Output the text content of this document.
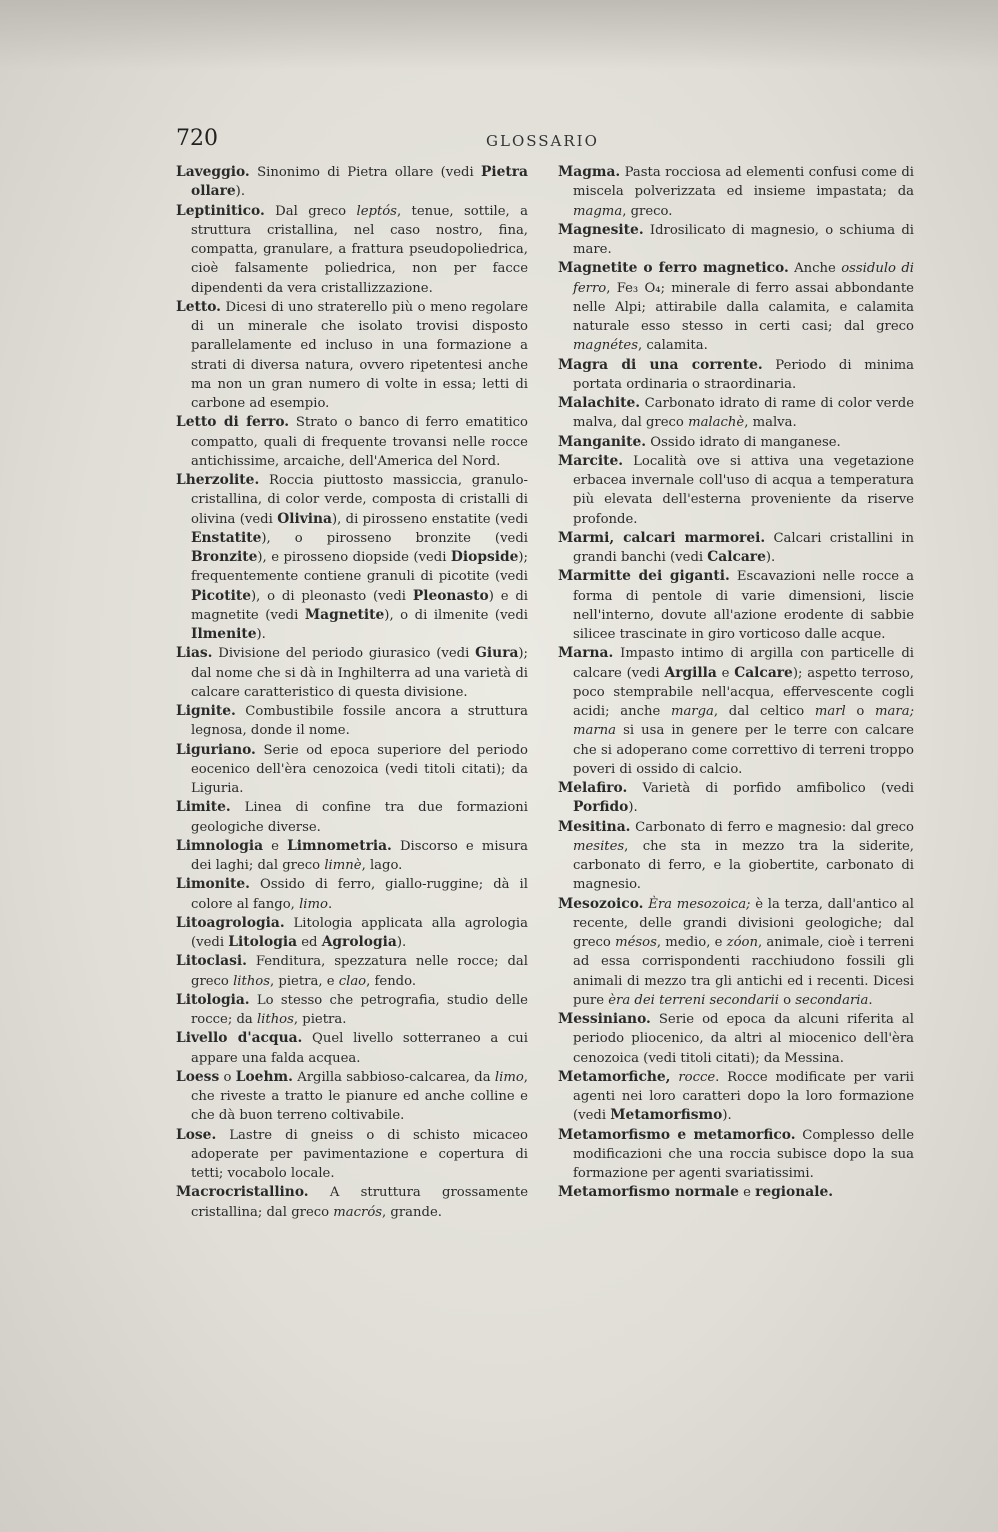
720	GLOSSARIO

Laveggio. Sinonimo di Pietra ollare (vedi Pietra ollare).

Leptinitico. Dal greco leptós, tenue, sottile, a struttura cristallina, nel caso nostro, fina, compatta, granulare, a frattura pseudopoliedrica, cioè falsamente poliedrica, non per facce dipendenti da vera cristallizzazione.

Letto. Dicesi di uno straterello più o meno regolare di un minerale che isolato trovisi disposto parallelamente ed incluso in una formazione a strati di diversa natura, ovvero ripetentesi anche ma non un gran numero di volte in essa; letti di carbone ad esempio.

Letto di ferro. Strato o banco di ferro ematitico compatto, quali di frequente trovansi nelle rocce antichissime, arcaiche, dell'America del Nord.

Lherzolite. Roccia piuttosto massiccia, granulo-cristallina, di color verde, composta di cristalli di olivina (vedi Olivina), di pirosseno enstatite (vedi Enstatite), o pirosseno bronzite (vedi Bronzite), e pirosseno diopside (vedi Diopside); frequentemente contiene granuli di picotite (vedi Picotite), o di pleonasto (vedi Pleonasto) e di magnetite (vedi Magnetite), o di ilmenite (vedi Ilmenite).

Lias. Divisione del periodo giurasico (vedi Giura); dal nome che si dà in Inghilterra ad una varietà di calcare caratteristico di questa divisione.

Lignite. Combustibile fossile ancora a struttura legnosa, donde il nome.

Liguriano. Serie od epoca superiore del periodo eocenico dell'èra cenozoica (vedi titoli citati); da Liguria.

Limite. Linea di confine tra due formazioni geologiche diverse.

Limnologia e Limnometria. Discorso e misura dei laghi; dal greco limnè, lago.

Limonite. Ossido di ferro, giallo-ruggine; dà il colore al fango, limo.

Litoagrologia. Litologia applicata alla agrologia (vedi Litologia ed Agrologia).

Litoclasi. Fenditura, spezzatura nelle rocce; dal greco lithos, pietra, e clao, fendo.

Litologia. Lo stesso che petrografia, studio delle rocce; da lithos, pietra.

Livello d'acqua. Quel livello sotterraneo a cui appare una falda acquea.

Loess o Loehm. Argilla sabbioso-calcarea, da limo, che riveste a tratto le pianure ed anche colline e che dà buon terreno coltivabile.

Lose. Lastre di gneiss o di schisto micaceo adoperate per pavimentazione e copertura di tetti; vocabolo locale.

Macrocristallino. A struttura grossamente cristallina; dal greco macrós, grande.

Magma. Pasta rocciosa ad elementi confusi come di miscela polverizzata ed insieme impastata; da magma, greco.

Magnesite. Idrosilicato di magnesio, o schiuma di mare.

Magnetite o ferro magnetico. Anche ossidulo di ferro, Fe₃ O₄; minerale di ferro assai abbondante nelle Alpi; attirabile dalla calamita, e calamita naturale esso stesso in certi casi; dal greco magnétes, calamita.

Magra di una corrente. Periodo di minima portata ordinaria o straordinaria.

Malachite. Carbonato idrato di rame di color verde malva, dal greco malachè, malva.

Manganite. Ossido idrato di manganese.

Marcite. Località ove si attiva una vegetazione erbacea invernale coll'uso di acqua a temperatura più elevata dell'esterna proveniente da riserve profonde.

Marmi, calcari marmorei. Calcari cristallini in grandi banchi (vedi Calcare).

Marmitte dei giganti. Escavazioni nelle rocce a forma di pentole di varie dimensioni, liscie nell'interno, dovute all'azione erodente di sabbie silicee trascinate in giro vorticoso dalle acque.

Marna. Impasto intimo di argilla con particelle di calcare (vedi Argilla e Calcare); aspetto terroso, poco stemprabile nell'acqua, effervescente cogli acidi; anche marga, dal celtico marl o mara; marna si usa in genere per le terre con calcare che si adoperano come correttivo di terreni troppo poveri di ossido di calcio.

Melafiro. Varietà di porfido amfibolico (vedi Porfido).

Mesitina. Carbonato di ferro e magnesio: dal greco mesites, che sta in mezzo tra la siderite, carbonato di ferro, e la giobertite, carbonato di magnesio.

Mesozoico. Èra mesozoica; è la terza, dall'antico al recente, delle grandi divisioni geologiche; dal greco mésos, medio, e zóon, animale, cioè i terreni ad essa corrispondenti racchiudono fossili gli animali di mezzo tra gli antichi ed i recenti. Dicesi pure èra dei terreni secondarii o secondaria.

Messiniano. Serie od epoca da alcuni riferita al periodo pliocenico, da altri al miocenico dell'èra cenozoica (vedi titoli citati); da Messina.

Metamorfiche, rocce. Rocce modificate per varii agenti nei loro caratteri dopo la loro formazione (vedi Metamorfismo).

Metamorfismo e metamorfico. Complesso delle modificazioni che una roccia subisce dopo la sua formazione per agenti svariatissimi.

Metamorfismo normale e regionale.
